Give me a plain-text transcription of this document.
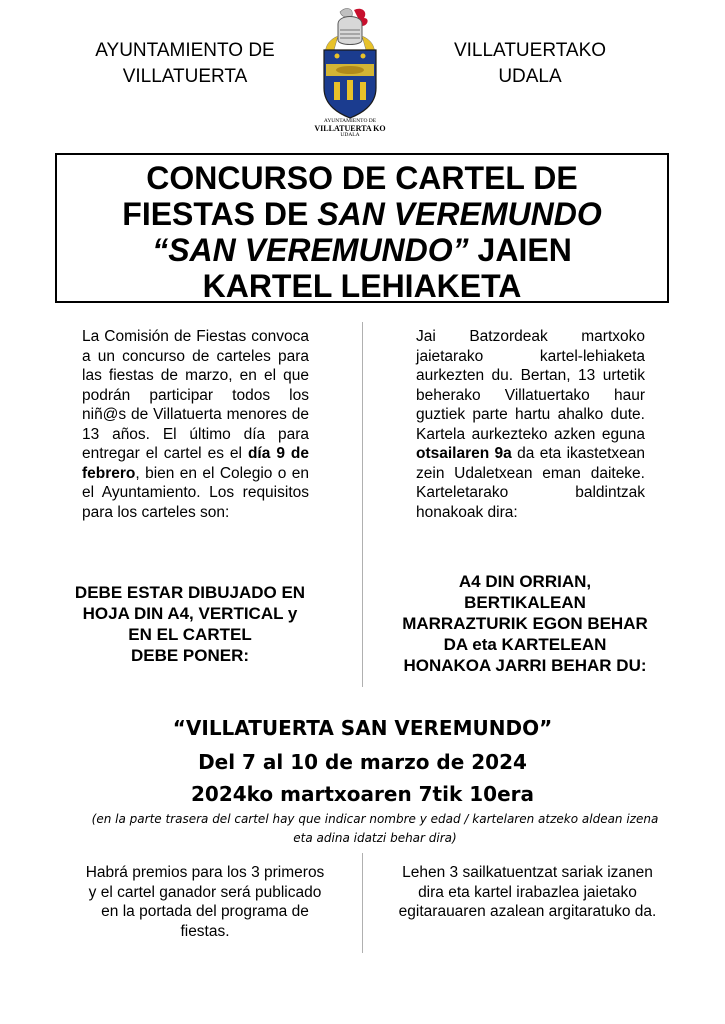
AYUNTAMIENTO DE
VILLATUERTA
AYUNTAMIENTO DE
VILLATUERTA KO
UDALA
VILLATUERTAKO
UDALA
CONCURSO DE CARTEL DE
FIESTAS DE SAN VEREMUNDO
“SAN VEREMUNDO” JAIEN
KARTEL LEHIAKETA
La Comisión de Fiestas convoca a un concurso de carteles para las fiestas de marzo, en el que podrán participar todos los niñ@s de Villatuerta menores de 13 años. El último día para entregar el cartel es el día 9 de febrero, bien en el Colegio o en el Ayuntamiento. Los requisitos para los carteles son:
Jai Batzordeak martxoko jaietarako kartel-lehiaketa aurkezten du. Bertan, 13 urtetik beherako Villatuertako haur guztiek parte hartu ahalko dute. Kartela aurkezteko azken eguna otsailaren 9a da eta ikastetxean zein Udaletxean eman daiteke. Karteletarako baldintzak honakoak dira:
DEBE ESTAR DIBUJADO EN
HOJA DIN A4, VERTICAL y
EN EL CARTEL
DEBE PONER:
A4 DIN ORRIAN,
BERTIKALEAN
MARRAZTURIK EGON BEHAR
DA eta KARTELEAN
HONAKOA JARRI BEHAR DU:
“VILLATUERTA SAN VEREMUNDO”
Del 7 al 10 de marzo de 2024
2024ko martxoaren 7tik 10era
(en la parte trasera del cartel hay que indicar nombre y edad / kartelaren atzeko aldean izena eta adina idatzi behar dira)
Habrá premios para los 3 primeros y el cartel ganador será publicado en la portada del programa de fiestas.
Lehen 3 sailkatuentzat sariak izanen dira eta kartel irabazlea jaietako egitarauaren azalean argitaratuko da.
